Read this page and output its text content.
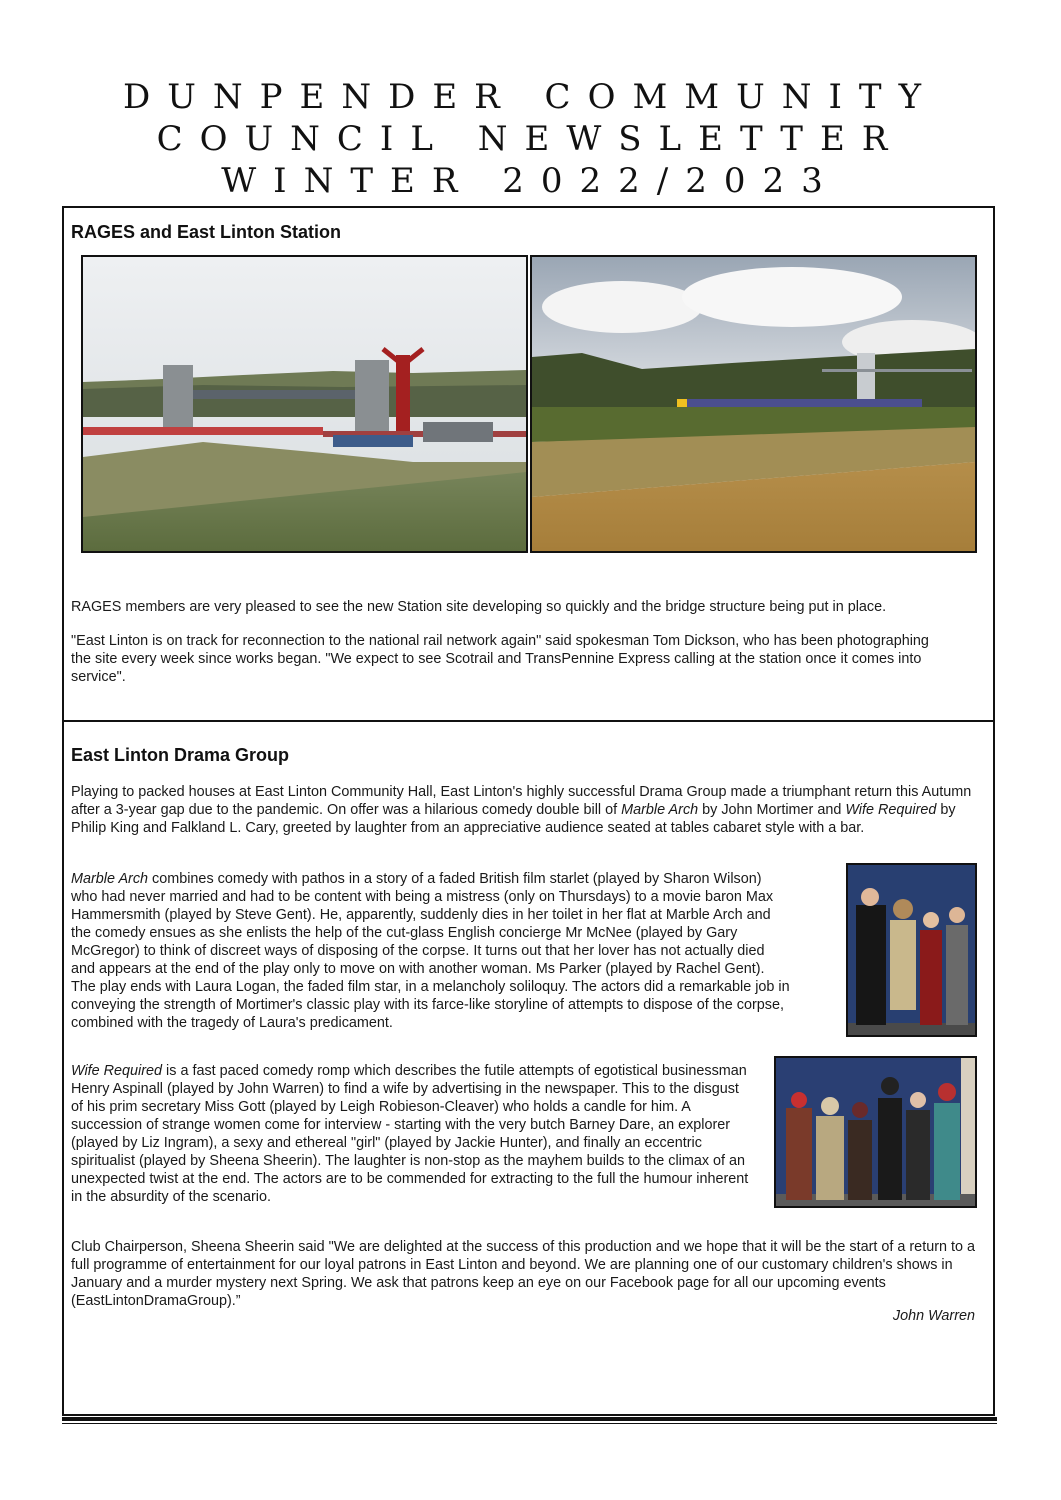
DUNPENDER COMMUNITY
COUNCIL NEWSLETTER
WINTER 2022/2023
RAGES and East Linton Station
RAGES members are very pleased to see the new Station site developing so quickly and the bridge structure being put in place.
"East Linton is on track for reconnection to the national rail network again" said spokesman Tom Dickson, who has been photographing the site every week since works began. "We expect to see Scotrail and TransPennine Express calling at the station once it comes into service".
East Linton Drama Group
Playing to packed houses at East Linton Community Hall, East Linton's highly successful Drama Group made a triumphant return this Autumn after a 3-year gap due to the pandemic. On offer was a hilarious comedy double bill of Marble Arch by John Mortimer and Wife Required by Philip King and Falkland L. Cary, greeted by laughter from an appreciative audience seated at tables cabaret style with a bar.
Marble Arch combines comedy with pathos in a story of a faded British film starlet (played by Sharon Wilson) who had never married and had to be content with being a mistress (only on Thursdays) to a movie baron Max Hammersmith (played by Steve Gent). He, apparently, suddenly dies in her toilet in her flat at Marble Arch and the comedy ensues as she enlists the help of the cut-glass English concierge Mr McNee (played by Gary McGregor) to think of discreet ways of disposing of the corpse. It turns out that her lover has not actually died and appears at the end of the play only to move on with another woman. Ms Parker (played by Rachel Gent). The play ends with Laura Logan, the faded film star, in a melancholy soliloquy. The actors did a remarkable job in conveying the strength of Mortimer's classic play with its farce-like storyline of attempts to dispose of the corpse, combined with the tragedy of Laura's predicament.
Wife Required is a fast paced comedy romp which describes the futile attempts of egotistical businessman Henry Aspinall (played by John Warren) to find a wife by advertising in the newspaper. This to the disgust of his prim secretary Miss Gott (played by Leigh Robieson-Cleaver) who holds a candle for him. A succession of strange women come for interview - starting with the very butch Barney Dare, an explorer (played by Liz Ingram), a sexy and ethereal "girl" (played by Jackie Hunter), and finally an eccentric spiritualist (played by Sheena Sheerin). The laughter is non-stop as the mayhem builds to the climax of an unexpected twist at the end. The actors are to be commended for extracting to the full the humour inherent in the absurdity of the scenario.
Club Chairperson, Sheena Sheerin said "We are delighted at the success of this production and we hope that it will be the start of a return to a full programme of entertainment for our loyal patrons in East Linton and beyond. We are planning one of our customary children's shows in January and a murder mystery next Spring. We ask that patrons keep an eye on our Facebook page for all our upcoming events (EastLintonDramaGroup).”
John Warren
